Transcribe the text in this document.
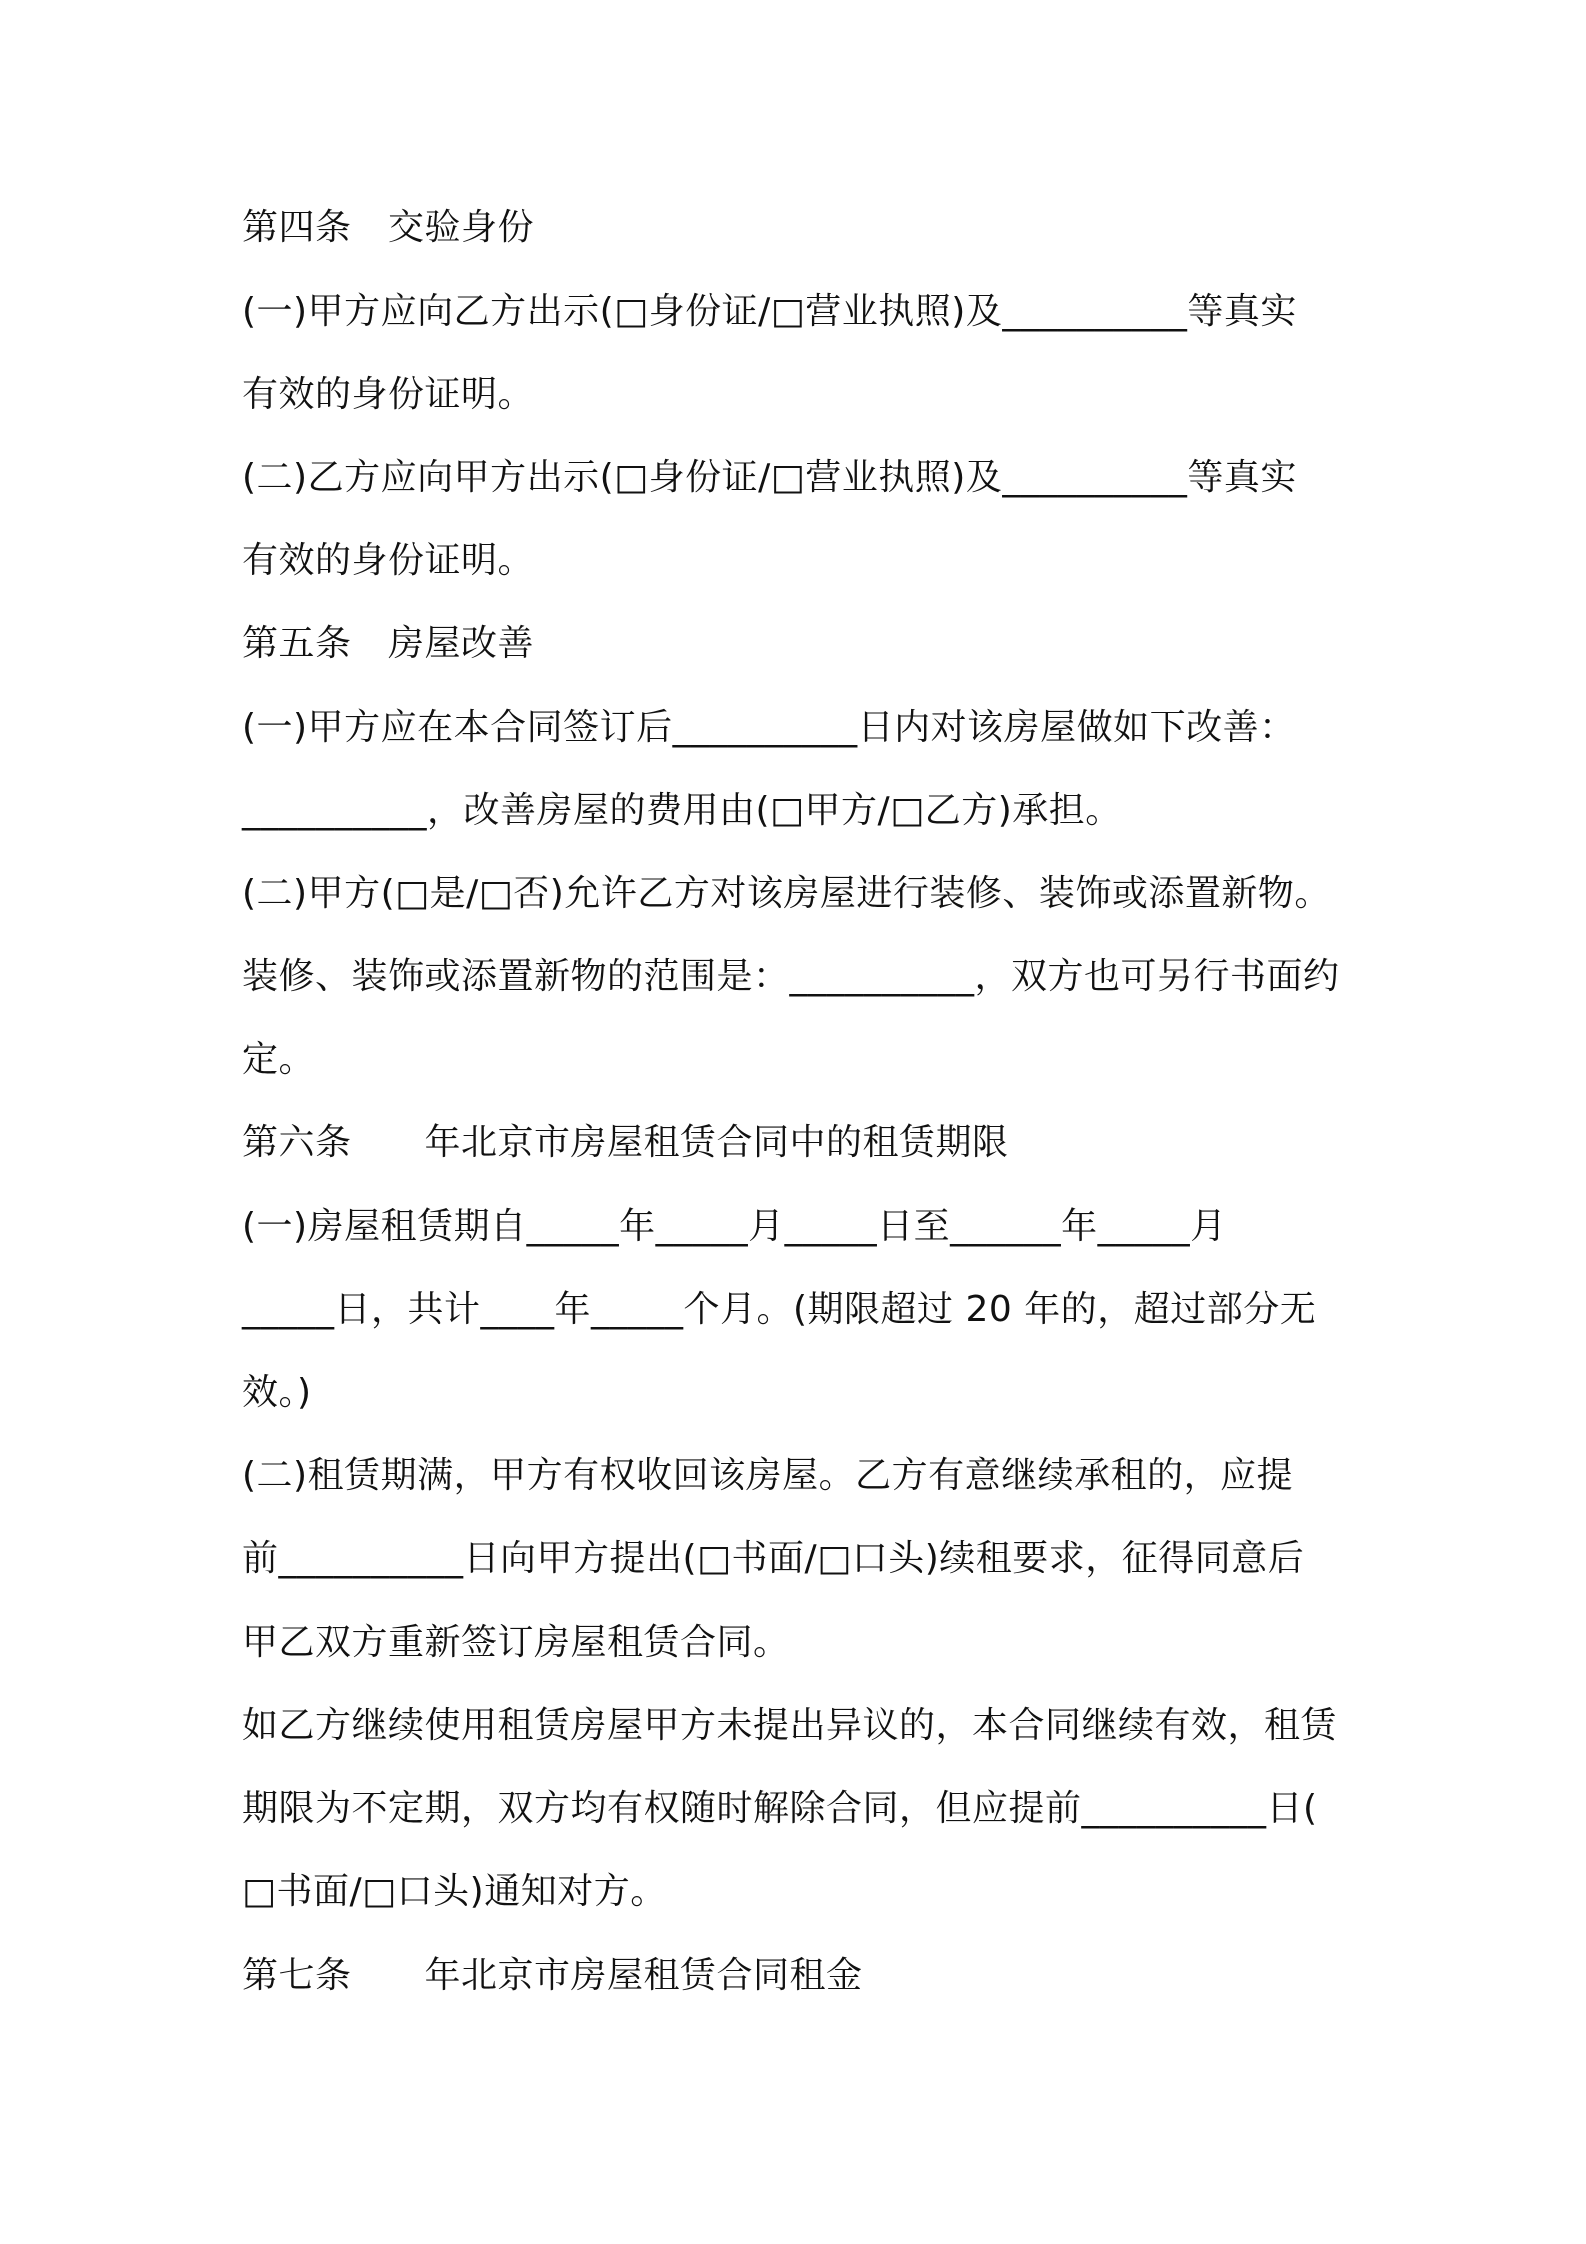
第四条　交验身份
(一)甲方应向乙方出示(□身份证/□营业执照)及__________等真实
有效的身份证明。
(二)乙方应向甲方出示(□身份证/□营业执照)及__________等真实
有效的身份证明。
第五条　房屋改善
(一)甲方应在本合同签订后__________日内对该房屋做如下改善：
__________，改善房屋的费用由(□甲方/□乙方)承担。
(二)甲方(□是/□否)允许乙方对该房屋进行装修、装饰或添置新物。
装修、装饰或添置新物的范围是：__________，双方也可另行书面约
定。
第六条　　年北京市房屋租赁合同中的租赁期限
(一)房屋租赁期自_____年_____月_____日至______年_____月
_____日，共计____年_____个月。(期限超过 20 年的，超过部分无
效。)
(二)租赁期满，甲方有权收回该房屋。乙方有意继续承租的，应提
前__________日向甲方提出(□书面/□口头)续租要求，征得同意后
甲乙双方重新签订房屋租赁合同。
如乙方继续使用租赁房屋甲方未提出异议的，本合同继续有效，租赁
期限为不定期，双方均有权随时解除合同，但应提前__________日(
□书面/□口头)通知对方。
第七条　　年北京市房屋租赁合同租金
